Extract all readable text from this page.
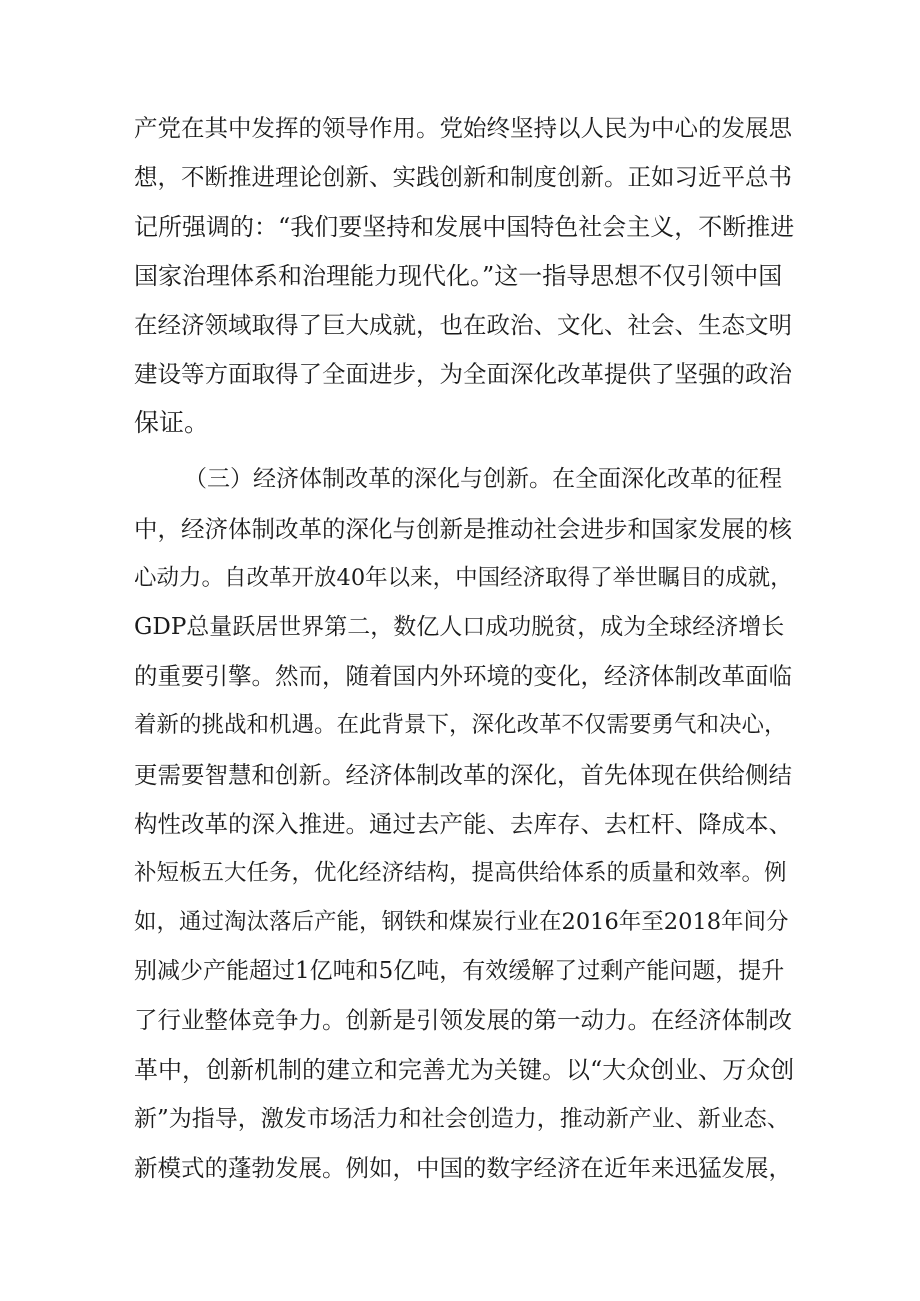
产党在其中发挥的领导作用。党始终坚持以人民为中心的发展思
想，不断推进理论创新、实践创新和制度创新。正如习近平总书
记所强调的：“我们要坚持和发展中国特色社会主义，不断推进
国家治理体系和治理能力现代化。”这一指导思想不仅引领中国
在经济领域取得了巨大成就，也在政治、文化、社会、生态文明
建设等方面取得了全面进步，为全面深化改革提供了坚强的政治
保证。
（三）经济体制改革的深化与创新。在全面深化改革的征程
中，经济体制改革的深化与创新是推动社会进步和国家发展的核
心动力。自改革开放40年以来，中国经济取得了举世瞩目的成就，
GDP总量跃居世界第二，数亿人口成功脱贫，成为全球经济增长
的重要引擎。然而，随着国内外环境的变化，经济体制改革面临
着新的挑战和机遇。在此背景下，深化改革不仅需要勇气和决心，
更需要智慧和创新。经济体制改革的深化，首先体现在供给侧结
构性改革的深入推进。通过去产能、去库存、去杠杆、降成本、
补短板五大任务，优化经济结构，提高供给体系的质量和效率。例
如，通过淘汰落后产能，钢铁和煤炭行业在2016年至2018年间分
别减少产能超过1亿吨和5亿吨，有效缓解了过剩产能问题，提升
了行业整体竞争力。创新是引领发展的第一动力。在经济体制改
革中，创新机制的建立和完善尤为关键。以“大众创业、万众创
新”为指导，激发市场活力和社会创造力，推动新产业、新业态、
新模式的蓬勃发展。例如，中国的数字经济在近年来迅猛发展，
